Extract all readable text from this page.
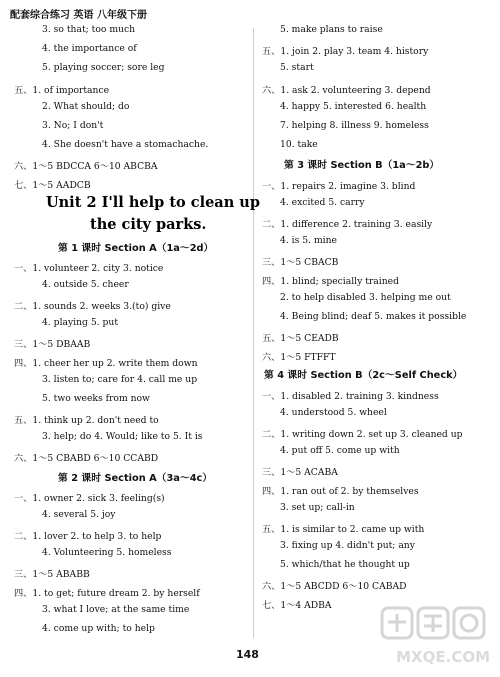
配套综合练习 英语 八年级下册
3. so that; too much
4. the importance of
5. playing soccer; sore leg
五、1. of importance
2. What should; do
3. No; I don't
4. She doesn't have a stomachache.
六、1～5 BDCCA 6～10 ABCBA
七、1～5 AADCB
Unit 2 I'll help to clean up
the city parks.
第 1 课时 Section A（1a～2d）
一、1. volunteer 2. city 3. notice
4. outside 5. cheer
二、1. sounds 2. weeks 3.(to) give
4. playing 5. put
三、1～5 DBAAB
四、1. cheer her up 2. write them down
3. listen to; care for 4. call me up
5. two weeks from now
五、1. think up 2. don't need to
3. help; do 4. Would; like to 5. It is
六、1～5 CBABD 6～10 CCABD
第 2 课时 Section A（3a～4c）
一、1. owner 2. sick 3. feeling(s)
4. several 5. joy
二、1. lover 2. to help 3. to help
4. Volunteering 5. homeless
三、1～5 ABABB
四、1. to get; future dream 2. by herself
3. what I love; at the same time
4. come up with; to help
5. make plans to raise
五、1. join 2. play 3. team 4. history
5. start
六、1. ask 2. volunteering 3. depend
4. happy 5. interested 6. health
7. helping 8. illness 9. homeless
10. take
第 3 课时 Section B（1a～2b）
一、1. repairs 2. imagine 3. blind
4. excited 5. carry
二、1. difference 2. training 3. easily
4. is 5. mine
三、1～5 CBACB
四、1. blind; specially trained
2. to help disabled 3. helping me out
4. Being blind; deaf 5. makes it possible
五、1～5 CEADB
六、1～5 FTFFT
第 4 课时 Section B（2c～Self Check）
一、1. disabled 2. training 3. kindness
4. understood 5. wheel
二、1. writing down 2. set up 3. cleaned up
4. put off 5. come up with
三、1～5 ACABA
四、1. ran out of 2. by themselves
3. set up; call-in
五、1. is similar to 2. came up with
3. fixing up 4. didn't put; any
5. which/that he thought up
六、1～5 ABCDD 6～10 CABAD
七、1～4 ADBA
148	MXQE.COM
